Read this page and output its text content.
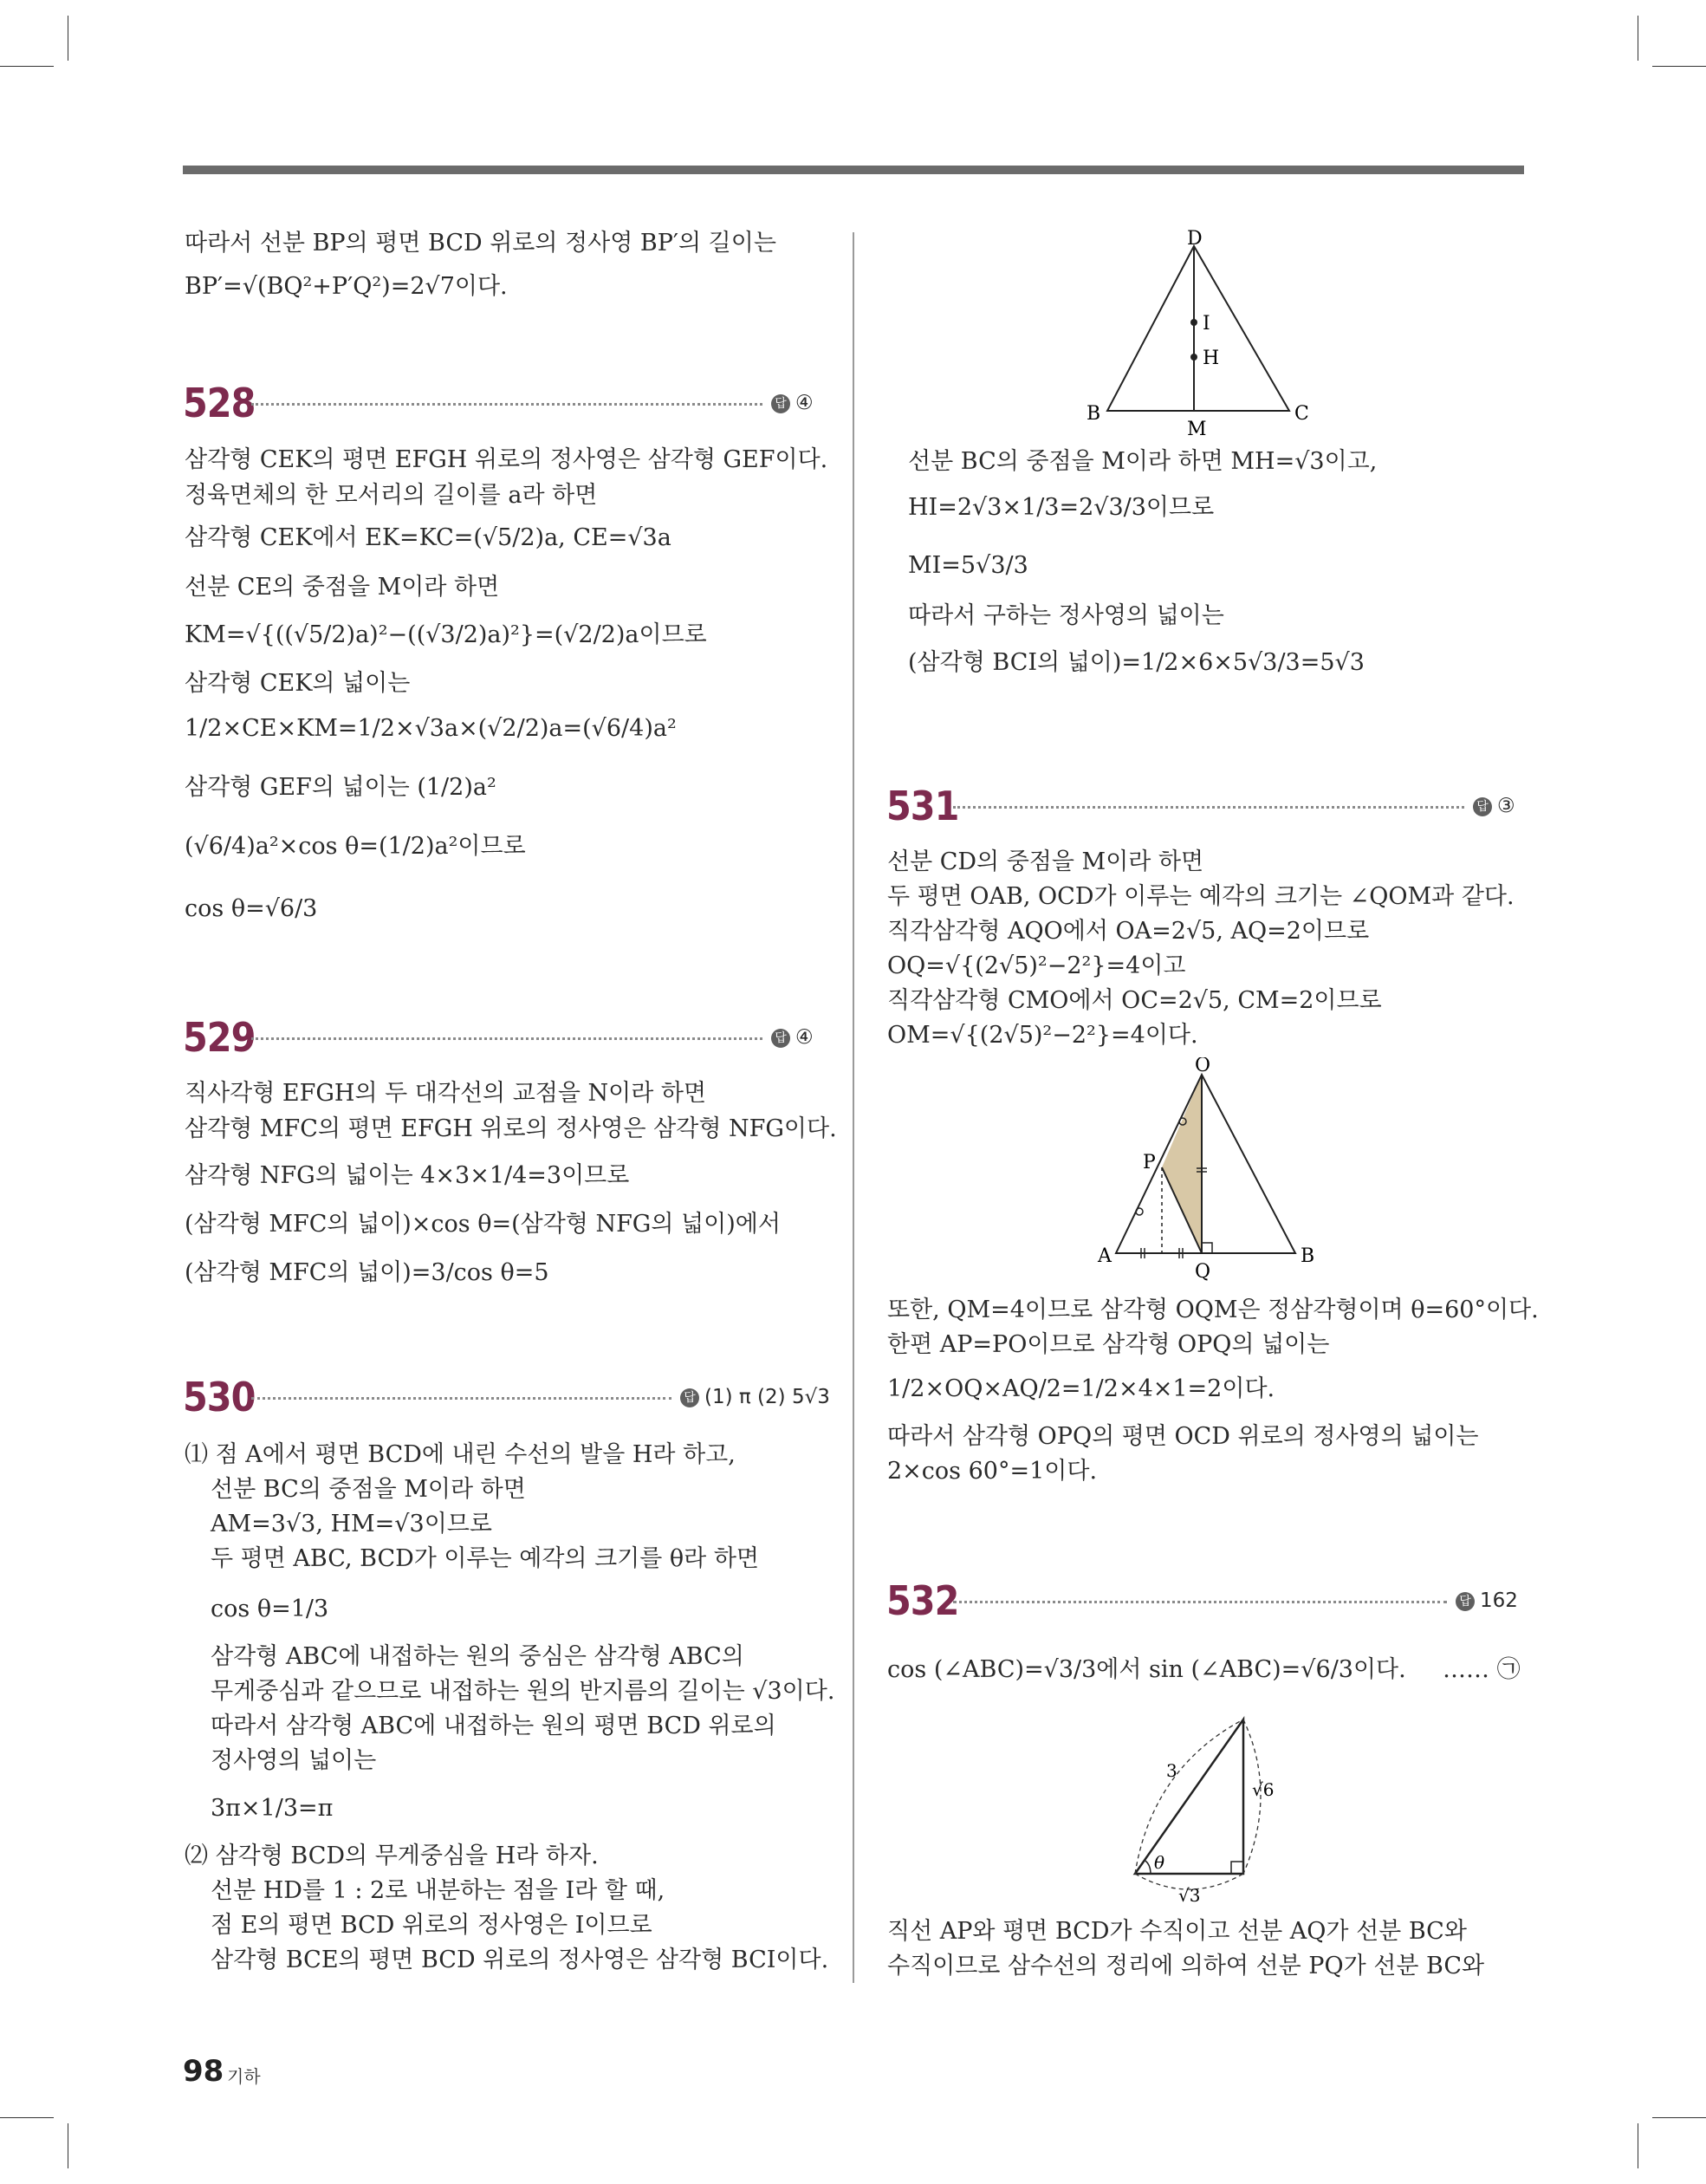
따라서 선분 BP의 평면 BCD 위로의 정사영 BP′의 길이는
BP′=√(BQ²+P′Q²)=2√7이다.
528	답 ④
삼각형 CEK의 평면 EFGH 위로의 정사영은 삼각형 GEF이다.
정육면체의 한 모서리의 길이를 a라 하면
삼각형 CEK에서 EK=KC=(√5/2)a, CE=√3a
선분 CE의 중점을 M이라 하면
KM=√{((√5/2)a)²−((√3/2)a)²}=(√2/2)a이므로
삼각형 CEK의 넓이는
1/2×CE×KM=1/2×√3a×(√2/2)a=(√6/4)a²
삼각형 GEF의 넓이는 (1/2)a²
(√6/4)a²×cos θ=(1/2)a²이므로
cos θ=√6/3
529	답 ④
직사각형 EFGH의 두 대각선의 교점을 N이라 하면
삼각형 MFC의 평면 EFGH 위로의 정사영은 삼각형 NFG이다.
삼각형 NFG의 넓이는 4×3×1/4=3이므로
(삼각형 MFC의 넓이)×cos θ=(삼각형 NFG의 넓이)에서
(삼각형 MFC의 넓이)=3/cos θ=5
530	답 (1) π (2) 5√3
⑴ 점 A에서 평면 BCD에 내린 수선의 발을 H라 하고,
선분 BC의 중점을 M이라 하면
AM=3√3, HM=√3이므로
두 평면 ABC, BCD가 이루는 예각의 크기를 θ라 하면
cos θ=1/3
삼각형 ABC에 내접하는 원의 중심은 삼각형 ABC의
무게중심과 같으므로 내접하는 원의 반지름의 길이는 √3이다.
따라서 삼각형 ABC에 내접하는 원의 평면 BCD 위로의
정사영의 넓이는
3π×1/3=π
⑵ 삼각형 BCD의 무게중심을 H라 하자.
선분 HD를 1 : 2로 내분하는 점을 I라 할 때,
점 E의 평면 BCD 위로의 정사영은 I이므로
삼각형 BCE의 평면 BCD 위로의 정사영은 삼각형 BCI이다.
D
I
H
B
M
C
선분 BC의 중점을 M이라 하면 MH=√3이고,
HI=2√3×1/3=2√3/3이므로
MI=5√3/3
따라서 구하는 정사영의 넓이는
(삼각형 BCI의 넓이)=1/2×6×5√3/3=5√3
531	답 ③
선분 CD의 중점을 M이라 하면
두 평면 OAB, OCD가 이루는 예각의 크기는 ∠QOM과 같다.
직각삼각형 AQO에서 OA=2√5, AQ=2이므로
OQ=√{(2√5)²−2²}=4이고
직각삼각형 CMO에서 OC=2√5, CM=2이므로
OM=√{(2√5)²−2²}=4이다.
O
P
A
Q
B
또한, QM=4이므로 삼각형 OQM은 정삼각형이며 θ=60°이다.
한편 AP=PO이므로 삼각형 OPQ의 넓이는
1/2×OQ×AQ/2=1/2×4×1=2이다.
따라서 삼각형 OPQ의 평면 OCD 위로의 정사영의 넓이는
2×cos 60°=1이다.
532	답 162
cos (∠ABC)=√3/3에서 sin (∠ABC)=√6/3이다. …… ㉠
3
√6
θ
√3
직선 AP와 평면 BCD가 수직이고 선분 AQ가 선분 BC와
수직이므로 삼수선의 정리에 의하여 선분 PQ가 선분 BC와
98 기하
